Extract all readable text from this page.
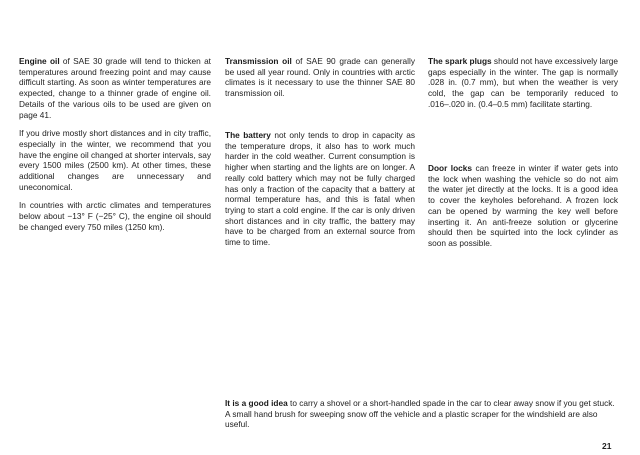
Engine oil of SAE 30 grade will tend to thicken at temperatures around freezing point and may cause difficult starting. As soon as winter temperatures are expected, change to a thinner grade of engine oil. Details of the various oils to be used are given on page 41.

If you drive mostly short distances and in city traffic, especially in the winter, we recommend that you have the engine oil changed at shorter intervals, say every 1500 miles (2500 km). At other times, these additional changes are unnecessary and uneconomical.

In countries with arctic climates and temperatures below about −13° F (−25° C), the engine oil should be changed every 750 miles (1250 km).

Transmission oil of SAE 90 grade can generally be used all year round. Only in countries with arctic climates is it necessary to use the thinner SAE 80 transmission oil.

The battery not only tends to drop in capacity as the temperature drops, it also has to work much harder in the cold weather. Current consumption is higher when starting and the lights are on longer. A really cold battery which may not be fully charged has only a fraction of the capacity that a battery at normal temperature has, and this is fatal when trying to start a cold engine. If the car is only driven short distances and in city traffic, the battery may have to be charged from an external source from time to time.

The spark plugs should not have excessively large gaps especially in the winter. The gap is normally .028 in. (0.7 mm), but when the weather is very cold, the gap can be temporarily reduced to .016–.020 in. (0.4–0.5 mm) facilitate starting.

Door locks can freeze in winter if water gets into the lock when washing the vehicle so do not aim the water jet directly at the locks. It is a good idea to cover the keyholes beforehand. A frozen lock can be opened by warming the key well before inserting it. An anti-freeze solution or glycerine should then be squirted into the lock cylinder as soon as possible.

It is a good idea to carry a shovel or a short-handled spade in the car to clear away snow if you get stuck. A small hand brush for sweeping snow off the vehicle and a plastic scraper for the windshield are also useful.

21
